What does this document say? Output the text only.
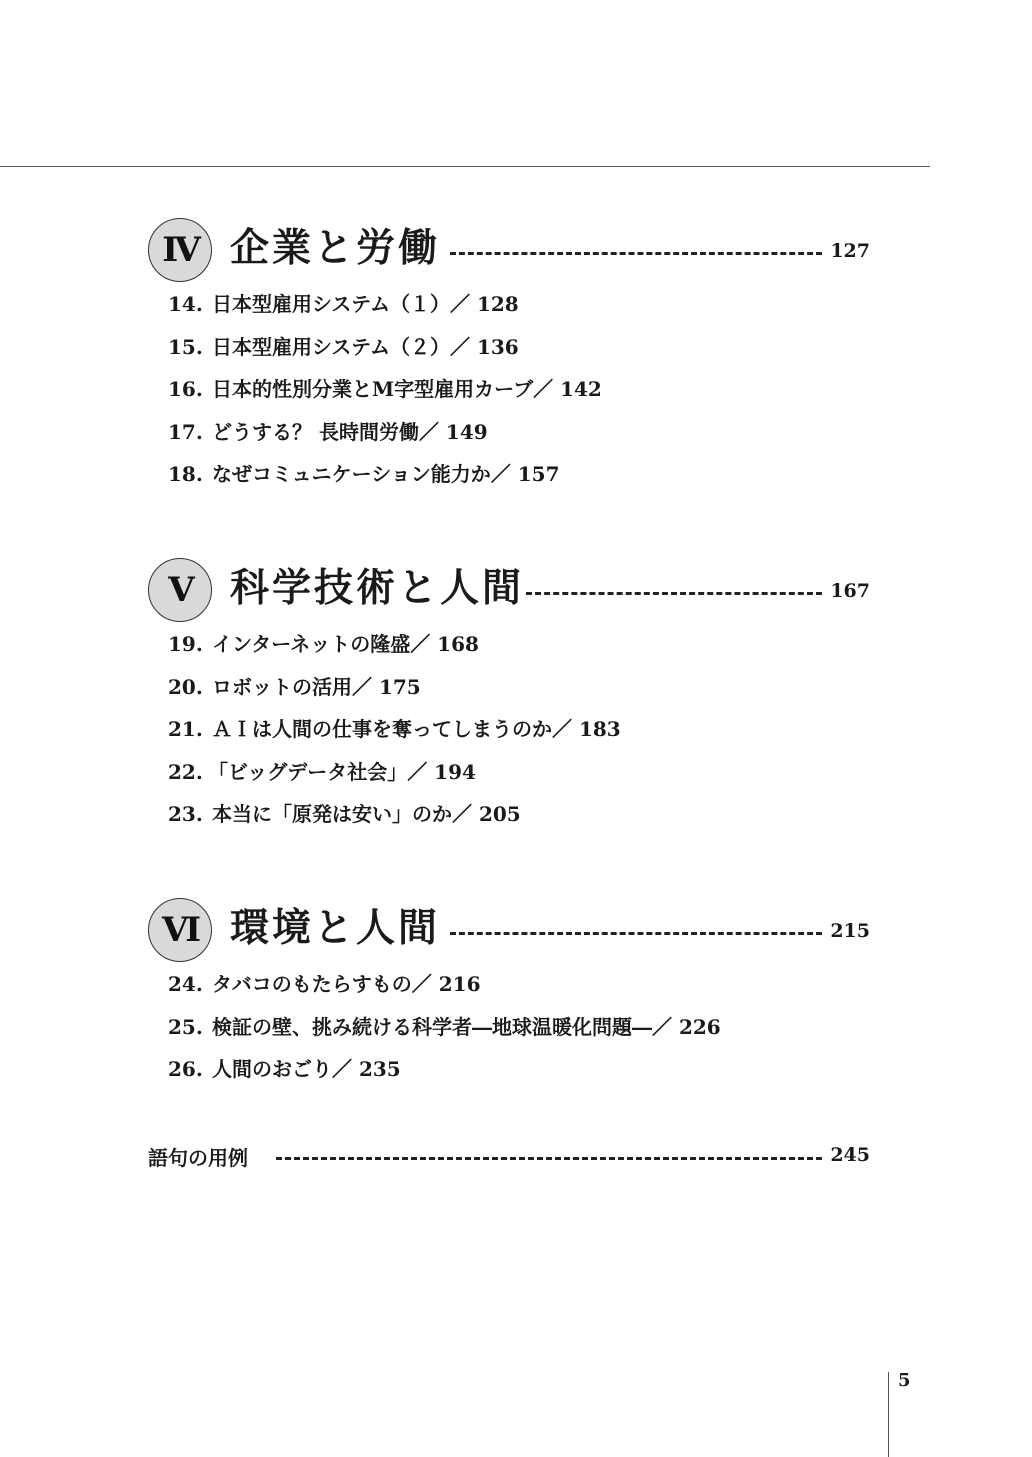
Ⅳ 企業と労働	127
14. 日本型雇用システム（１）／ 128
15. 日本型雇用システム（２）／ 136
16. 日本的性別分業とM字型雇用カーブ／ 142
17. どうする？ 長時間労働／ 149
18. なぜコミュニケーション能力か／ 157
Ⅴ 科学技術と人間	167
19. インターネットの隆盛／ 168
20. ロボットの活用／ 175
21. ＡＩは人間の仕事を奪ってしまうのか／ 183
22. 「ビッグデータ社会」／ 194
23. 本当に「原発は安い」のか／ 205
Ⅵ 環境と人間	215
24. タバコのもたらすもの／ 216
25. 検証の壁、挑み続ける科学者―地球温暖化問題―／ 226
26. 人間のおごり／ 235
語句の用例	245
5
